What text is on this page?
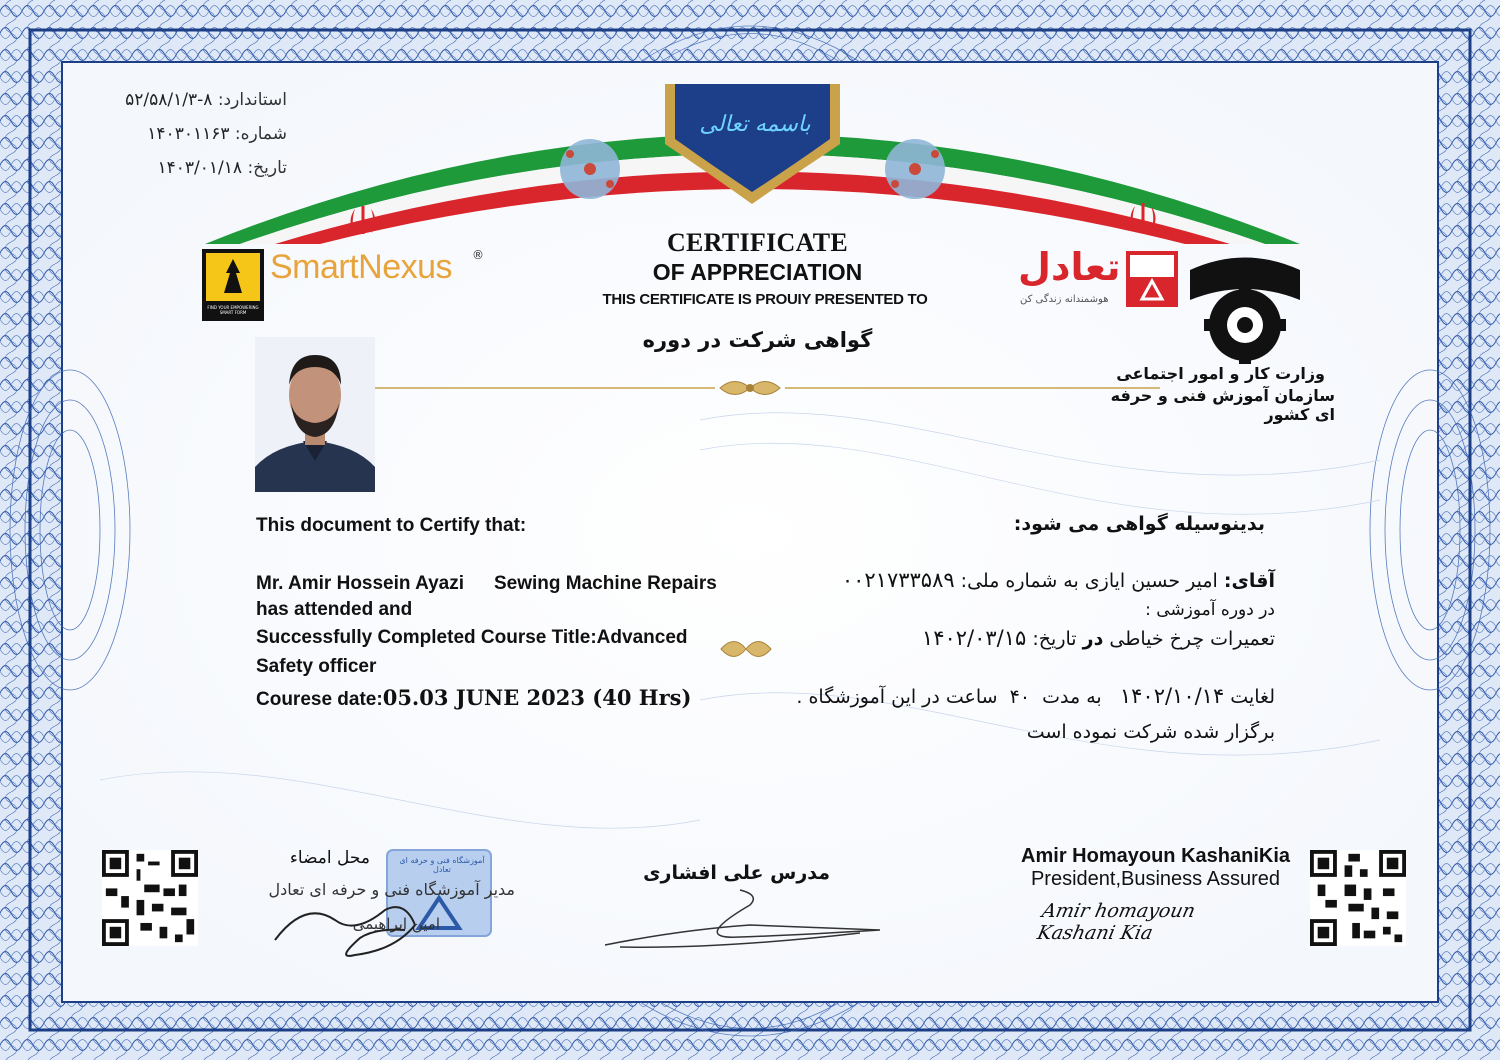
باسمه تعالی
استاندارد: ۸-۵۲/۵۸/۱/۳
شماره: ۱۴۰۳۰۱۱۶۳
تاریخ: ۱۴۰۳/۰۱/۱۸
FIND YOUR EMPOWERING SMART FORM
SmartNexus ®	CERTIFICATE
OF APPRECIATION
THIS CERTIFICATE IS PROUIY PRESENTED TO
گواهی شرکت در دوره
تعادل
هوشمندانه زندگی کن
وزارت کار و امور اجتماعی
سازمان آموزش فنی و حرفه ای کشور
This document to Certify that:
Mr. Amir Hossein Ayazi Sewing Machine Repairs
has attended and
Successfully Completed Course Title:Advanced
Safety officer
Courese date:05.03 JUNE 2023 (40 Hrs)
بدینوسیله گواهی می شود:
آقای: امیر حسین ایازی به شماره ملی: ۰۰۲۱۷۳۳۵۸۹
در دوره آموزشی :
تعمیرات چرخ خیاطی در تاریخ: ۱۴۰۲/۰۳/۱۵
لغایت ۱۴۰۲/۱۰/۱۴   به مدت  ۴۰  ساعت در این آموزشگاه .
برگزار شده شرکت نموده است
محل امضاء	آموزشگاه فنی و حرفه ای تعادل
مدیر آموزشگاه فنی و حرفه ای تعادل
امین ابراهیمی
مدرس علی افشاری
Amir Homayoun KashaniKia
President,Business Assured
Amir homayoun Kashani Kia
